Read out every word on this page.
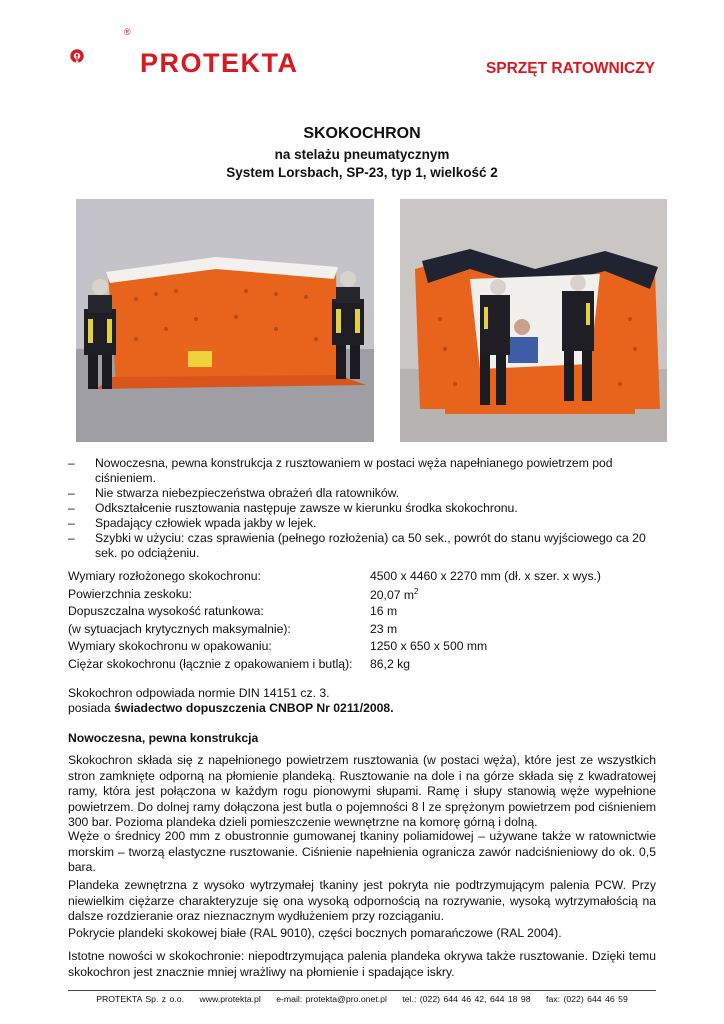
®
PROTEKTA	SPRZĘT RATOWNICZY
SKOKOCHRON
na stelażu pneumatycznym
System Lorsbach, SP-23, typ 1, wielkość 2
– Nowoczesna, pewna konstrukcja z rusztowaniem w postaci węża napełnianego powietrzem pod ciśnieniem.
– Nie stwarza niebezpieczeństwa obrażeń dla ratowników.
– Odkształcenie rusztowania następuje zawsze w kierunku środka skokochronu.
– Spadający człowiek wpada jakby w lejek.
– Szybki w użyciu: czas sprawienia (pełnego rozłożenia) ca 50 sek., powrót do stanu wyjściowego ca 20 sek. po odciążeniu.
Wymiary rozłożonego skokochronu:	4500 x 4460 x 2270 mm (dł. x szer. x wys.)
Powierzchnia zeskoku:	20,07 $m^2$
Dopuszczalna wysokość ratunkowa:	16 m
(w sytuacjach krytycznych maksymalnie):	23 m
Wymiary skokochronu w opakowaniu:	1250 x 650 x 500 mm
Ciężar skokochronu (łącznie z opakowaniem i butlą): 86,2 kg
Skokochron odpowiada normie DIN 14151 cz. 3.
posiada świadectwo dopuszczenia CNBOP Nr 0211/2008.
Nowoczesna, pewna konstrukcja

Skokochron składa się z napełnionego powietrzem rusztowania (w postaci węża), które jest ze wszystkich stron zamknięte odporną na płomienie plandeką. Rusztowanie na dole i na górze składa się z kwadratowej ramy, która jest połączona w każdym rogu pionowymi słupami. Ramę i słupy stanowią węże wypełnione powietrzem. Do dolnej ramy dołączona jest butla o pojemności 8 l ze sprężonym powietrzem pod ciśnieniem 300 bar. Pozioma plandeka dzieli pomieszczenie wewnętrzne na komorę górną i dolną.

Węże o średnicy 200 mm z obustronnie gumowanej tkaniny poliamidowej – używane także w ratownictwie morskim – tworzą elastyczne rusztowanie. Ciśnienie napełnienia ogranicza zawór nadciśnieniowy do ok. 0,5 bara.

Plandeka zewnętrzna z wysoko wytrzymałej tkaniny jest pokryta nie podtrzymującym palenia PCW. Przy niewielkim ciężarze charakteryzuje się ona wysoką odpornością na rozrywanie, wysoką wytrzymałością na dalsze rozdzieranie oraz nieznacznym wydłużeniem przy rozciąganiu.

Pokrycie plandeki skokowej białe (RAL 9010), części bocznych pomarańczowe (RAL 2004).

Istotne nowości w skokochronie: niepodtrzymująca palenia plandeka okrywa także rusztowanie. Dzięki temu skokochron jest znacznie mniej wrażliwy na płomienie i spadające iskry.

PROTEKTA Sp. z o.o. www.protekta.pl e-mail: protekta@pro.onet.pl tel.: (022) 644 46 42, 644 18 98 fax: (022) 644 46 59
